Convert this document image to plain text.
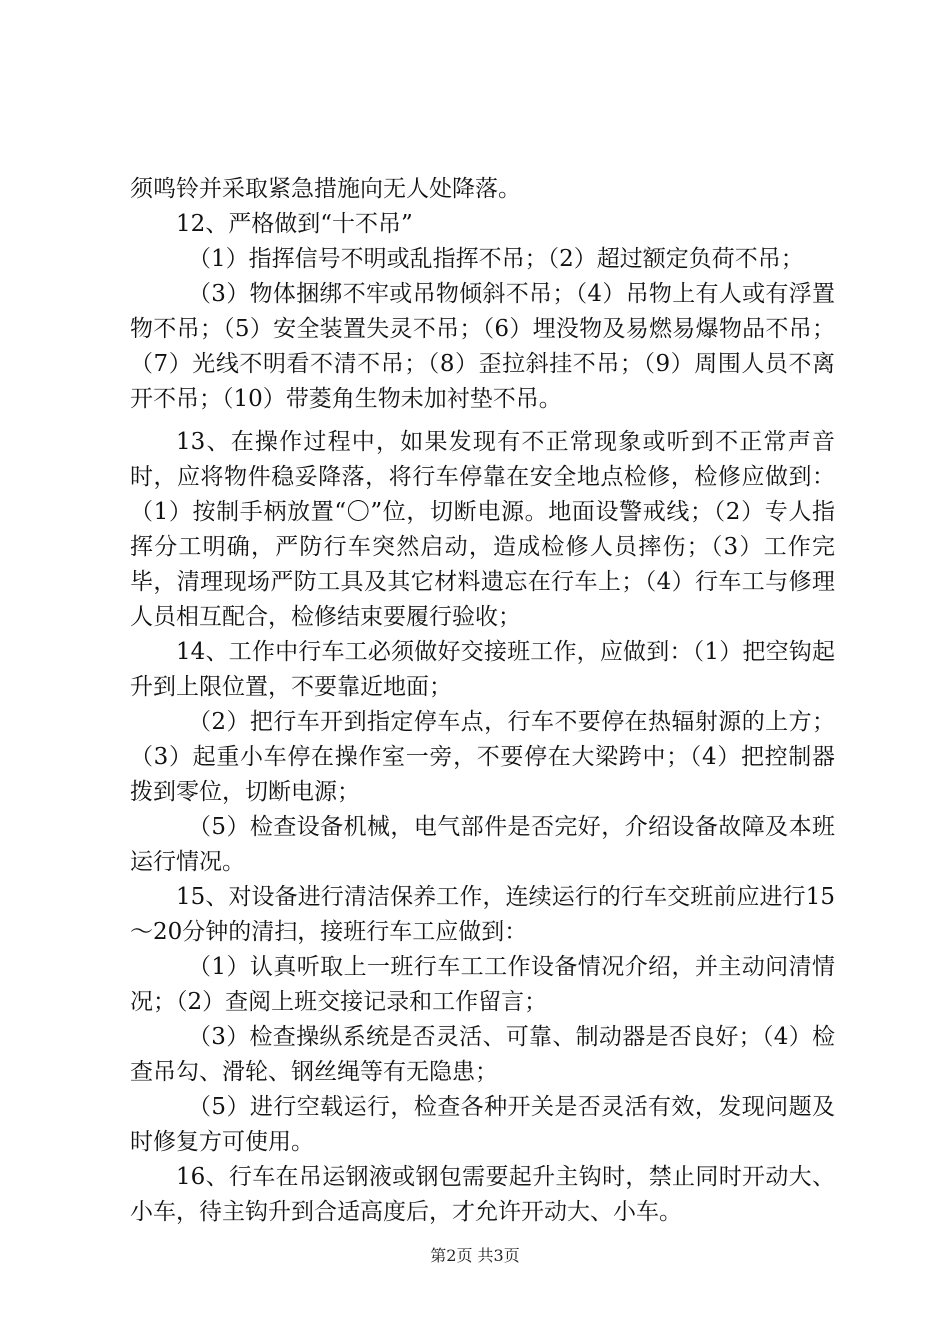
须鸣铃并采取紧急措施向无人处降落。

12、严格做到“十不吊”

（1）指挥信号不明或乱指挥不吊；（2）超过额定负荷不吊；

（3）物体捆绑不牢或吊物倾斜不吊；（4）吊物上有人或有浮置物不吊；（5）安全装置失灵不吊；（6）埋没物及易燃易爆物品不吊；（7）光线不明看不清不吊；（8）歪拉斜挂不吊；（9）周围人员不离开不吊；（10）带菱角生物未加衬垫不吊。

13、在操作过程中，如果发现有不正常现象或听到不正常声音时，应将物件稳妥降落，将行车停靠在安全地点检修，检修应做到：（1）按制手柄放置“〇”位，切断电源。地面设警戒线；（2）专人指挥分工明确，严防行车突然启动，造成检修人员摔伤；（3）工作完毕，清理现场严防工具及其它材料遗忘在行车上；（4）行车工与修理人员相互配合，检修结束要履行验收；

14、工作中行车工必须做好交接班工作，应做到：（1）把空钩起升到上限位置，不要靠近地面；

（2）把行车开到指定停车点，行车不要停在热辐射源的上方；（3）起重小车停在操作室一旁，不要停在大梁跨中；（4）把控制器拨到零位，切断电源；

（5）检查设备机械，电气部件是否完好，介绍设备故障及本班运行情况。

15、对设备进行清洁保养工作，连续运行的行车交班前应进行15～20分钟的清扫，接班行车工应做到：

（1）认真听取上一班行车工工作设备情况介绍，并主动问清情况；（2）查阅上班交接记录和工作留言；

（3）检查操纵系统是否灵活、可靠、制动器是否良好；（4）检查吊勾、滑轮、钢丝绳等有无隐患；

（5）进行空载运行，检查各种开关是否灵活有效，发现问题及时修复方可使用。

16、行车在吊运钢液或钢包需要起升主钩时，禁止同时开动大、小车，待主钩升到合适高度后，才允许开动大、小车。

第2页 共3页
